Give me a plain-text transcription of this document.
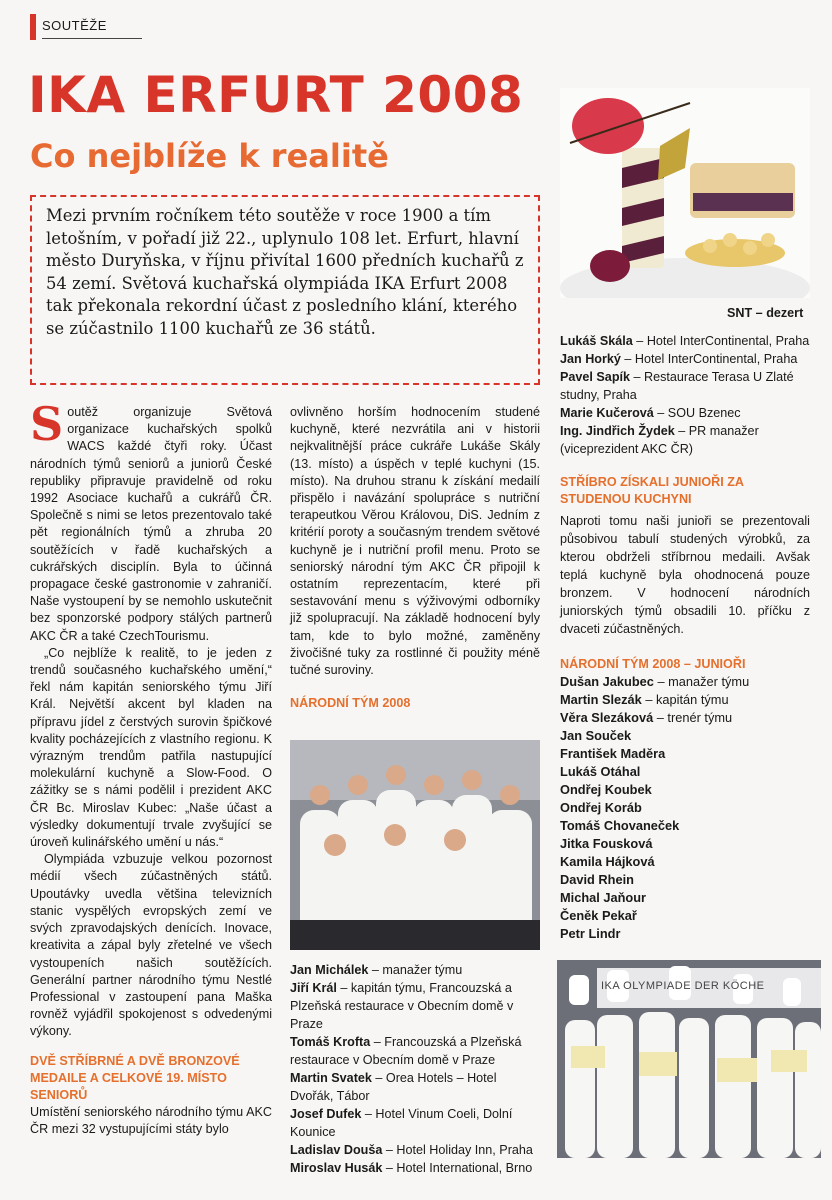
SOUTĚŽE
IKA ERFURT 2008
Co nejblíže k realitě
Mezi prvním ročníkem této soutěže v roce 1900 a tím letošním, v pořadí již 22., uplynulo 108 let. Erfurt, hlavní město Duryňska, v říjnu přivítal 1600 předních kuchařů z 54 zemí. Světová kuchařská olympiáda IKA Erfurt 2008 tak překonala rekordní účast z posledního klání, kterého se zúčastnilo 1100 kuchařů ze 36 států.
SNT – dezert

Soutěž organizuje Světová organizace kuchařských spolků WACS každé čtyři roky. Účast národních týmů seniorů a juniorů České republiky připravuje pravidelně od roku 1992 Asociace kuchařů a cukrářů ČR. Společně s nimi se letos prezentovalo také pět regionálních týmů a zhruba 20 soutěžících v řadě kuchařských a cukrářských disciplín. Byla to účinná propagace české gastronomie v zahraničí. Naše vystoupení by se nemohlo uskutečnit bez sponzorské podpory stálých partnerů AKC ČR a také CzechTourismu.

„Co nejblíže k realitě, to je jeden z trendů současného kuchařského umění,“ řekl nám kapitán seniorského týmu Jiří Král. Největší akcent byl kladen na přípravu jídel z čerstvých surovin špičkové kvality pocházejících z vlastního regionu. K výrazným trendům patřila nastupující molekulární kuchyně a Slow-Food. O zážitky se s námi podělil i prezident AKC ČR Bc. Miroslav Kubec: „Naše účast a výsledky dokumentují trvale zvyšující se úroveň kulinářského umění u nás.“

Olympiáda vzbuzuje velkou pozornost médií všech zúčastněných států. Upoutávky uvedla většina televizních stanic vyspělých evropských zemí ve svých zpravodajských denících. Inovace, kreativita a zápal byly zřetelné ve všech vystoupeních našich soutěžících. Generální partner národního týmu Nestlé Professional v zastoupení pana Maška rovněž vyjádřil spokojenost s odvedenými výkony.

DVĚ STŘÍBRNÉ A DVĚ BRONZOVÉ MEDAILE A CELKOVÉ 19. MÍSTO SENIORŮ

Umístění seniorského národního týmu AKC ČR mezi 32 vystupujícími státy bylo

ovlivněno horším hodnocením studené kuchyně, které nezvrátila ani v historii nejkvalitnější práce cukráře Lukáše Skály (13. místo) a úspěch v teplé kuchyni (15. místo). Na druhou stranu k získání medailí přispělo i navázání spolupráce s nutriční terapeutkou Věrou Královou, DiS. Jedním z kritérií poroty a současným trendem světové kuchyně je i nutriční profil menu. Proto se seniorský národní tým AKC ČR připojil k ostatním reprezentacím, které při sestavování menu s výživovými odborníky již spolupracují. Na základě hodnocení byly tam, kde to bylo možné, zaměněny živočišné tuky za rostlinné či použity méně tučné suroviny.

NÁRODNÍ TÝM 2008

Jan Michálek – manažer týmu
Jiří Král – kapitán týmu, Francouzská a Plzeňská restaurace v Obecním domě v Praze
Tomáš Krofta – Francouzská a Plzeňská restaurace v Obecním domě v Praze
Martin Svatek – Orea Hotels – Hotel Dvořák, Tábor
Josef Dufek – Hotel Vinum Coeli, Dolní Kounice
Ladislav Douša – Hotel Holiday Inn, Praha
Miroslav Husák – Hotel International, Brno
Lukáš Skála – Hotel InterContinental, Praha
Jan Horký – Hotel InterContinental, Praha
Pavel Sapík – Restaurace Terasa U Zlaté studny, Praha
Marie Kučerová – SOU Bzenec
Ing. Jindřich Žydek – PR manažer (viceprezident AKC ČR)

STŘÍBRO ZÍSKALI JUNIOŘI ZA STUDENOU KUCHYNI

Naproti tomu naši junioři se prezentovali působivou tabulí studených výrobků, za kterou obdrželi stříbrnou medaili. Avšak teplá kuchyně byla ohodnocená pouze bronzem. V hodnocení národních juniorských týmů obsadili 10. příčku z dvaceti zúčastněných.

NÁRODNÍ TÝM 2008 – JUNIOŘI

Dušan Jakubec – manažer týmu
Martin Slezák – kapitán týmu
Věra Slezáková – trenér týmu
Jan Souček
František Maděra
Lukáš Otáhal
Ondřej Koubek
Ondřej Koráb
Tomáš Chovaneček
Jitka Fousková
Kamila Hájková
David Rhein
Michal Jaňour
Čeněk Pekař
Petr Lindr
IKA OLYMPIADE DER KÖCHE
